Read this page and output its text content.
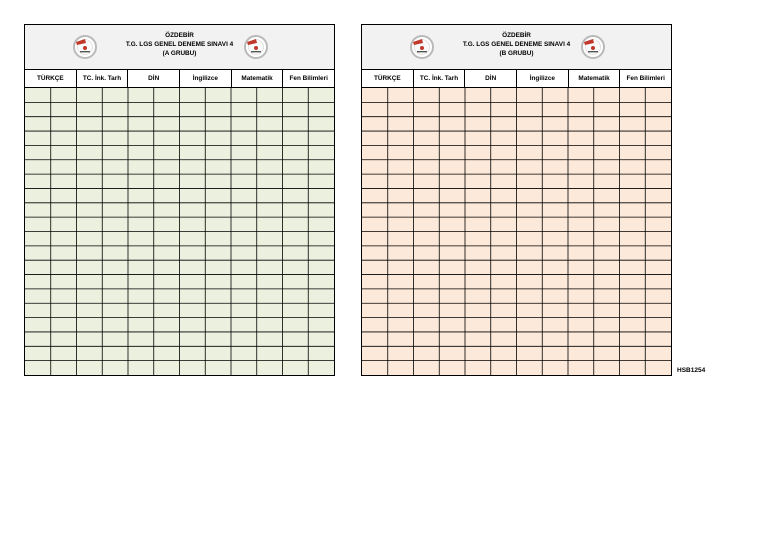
ÖZDEBİR
T.G. LGS GENEL DENEME SINAVI 4
(A GRUBU)
TÜRKÇE	TC. İnk. Tarh	DİN	İngilizce	Matematik	Fen Bilimleri
ÖZDEBİR
T.G. LGS GENEL DENEME SINAVI 4
(B GRUBU)
TÜRKÇE	TC. İnk. Tarh	DİN	İngilizce	Matematik	Fen Bilimleri
HSB1254
